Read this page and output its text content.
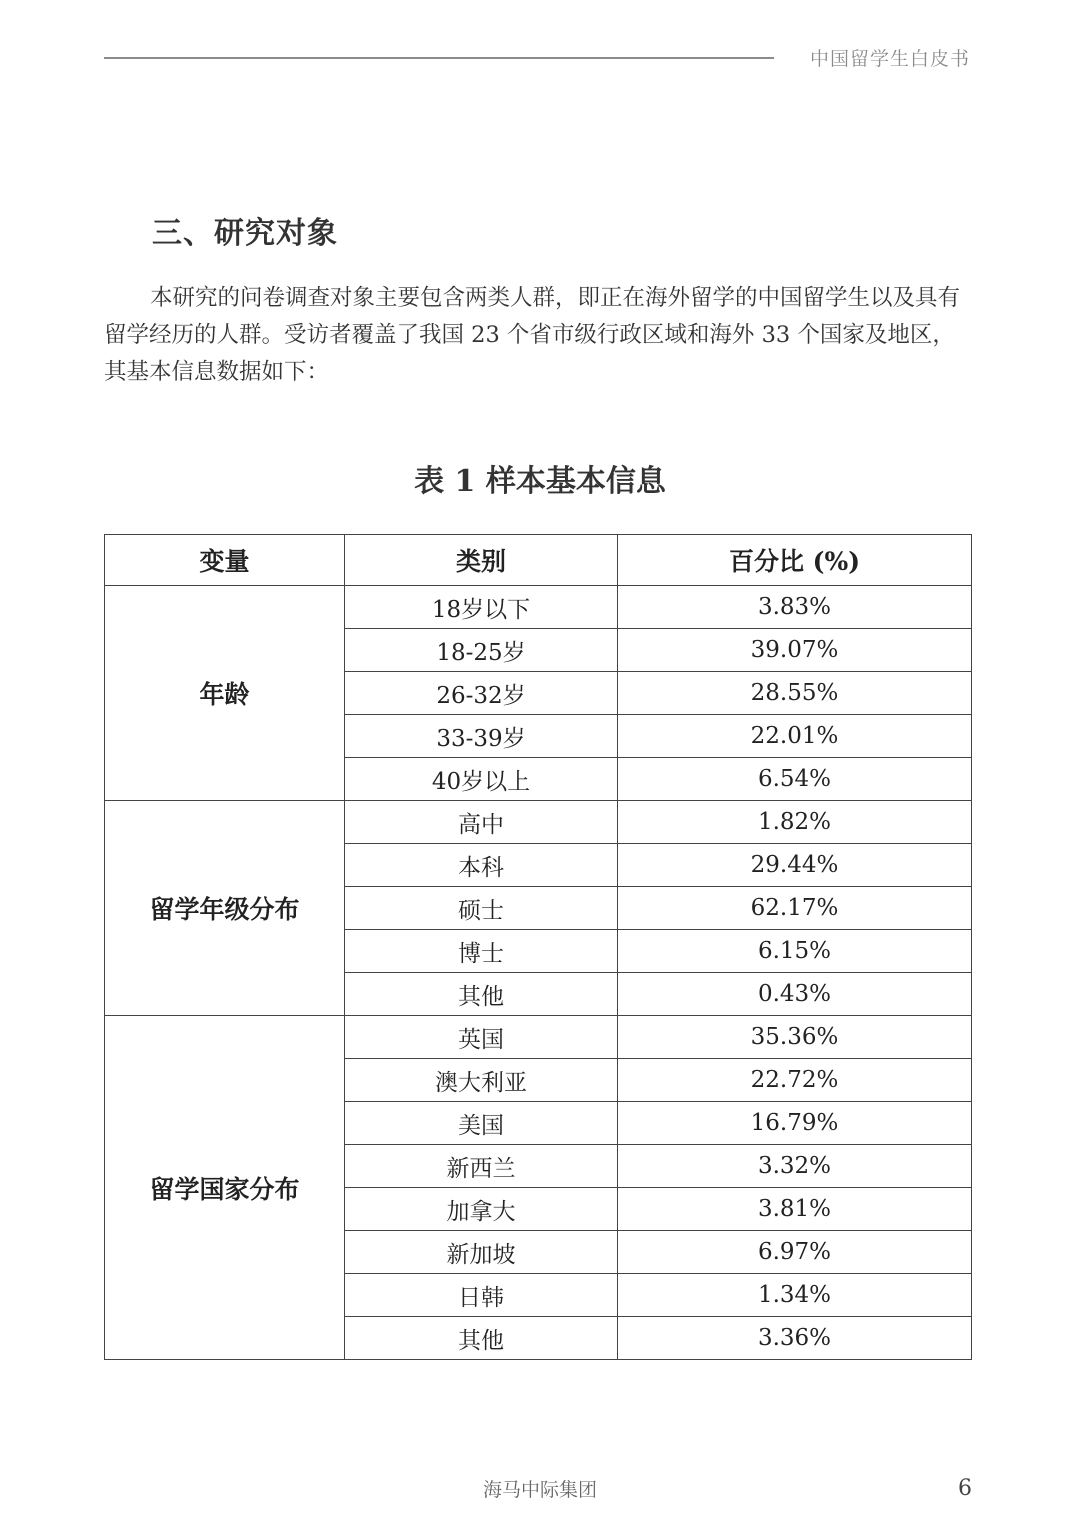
中国留学生白皮书
三、研究对象

本研究的问卷调查对象主要包含两类人群，即正在海外留学的中国留学生以及具有留学经历的人群。受访者覆盖了我国 23 个省市级行政区域和海外 33 个国家及地区，其基本信息数据如下：

表 1 样本基本信息
变量	类别	百分比 (%)
年龄	18岁以下	3.83%
	18-25岁	39.07%
	26-32岁	28.55%
	33-39岁	22.01%
	40岁以上	6.54%
留学年级分布	高中	1.82%
	本科	29.44%
	硕士	62.17%
	博士	6.15%
	其他	0.43%
留学国家分布	英国	35.36%
	澳大利亚	22.72%
	美国	16.79%
	新西兰	3.32%
	加拿大	3.81%
	新加坡	6.97%
	日韩	1.34%
	其他	3.36%
海马中际集团	6
